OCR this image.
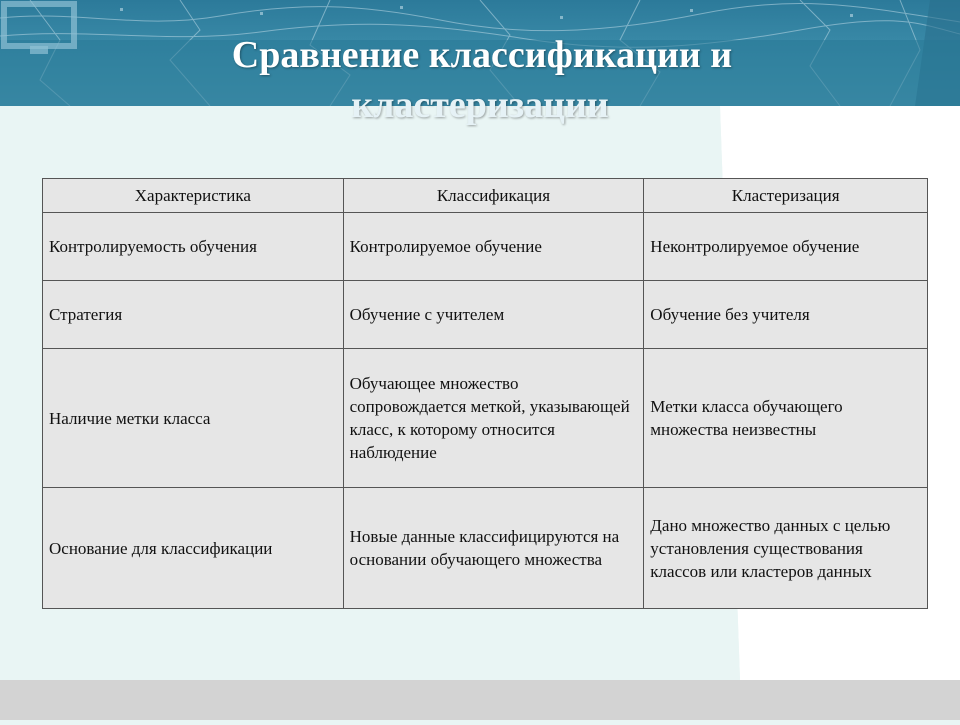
Сравнение классификации и
кластеризации
Характеристика	Классификация	Кластеризация
Контролируемость обучения	Контролируемое обучение	Неконтролируемое обучение
Стратегия	Обучение с учителем	Обучение без учителя
Наличие метки класса	Обучающее множество сопровождается меткой, указывающей класс, к которому относится наблюдение	Метки класса обучающего множества неизвестны
Основание для классификации	Новые данные классифицируются на основании обучающего множества	Дано множество данных с целью установления существования классов или кластеров данных
